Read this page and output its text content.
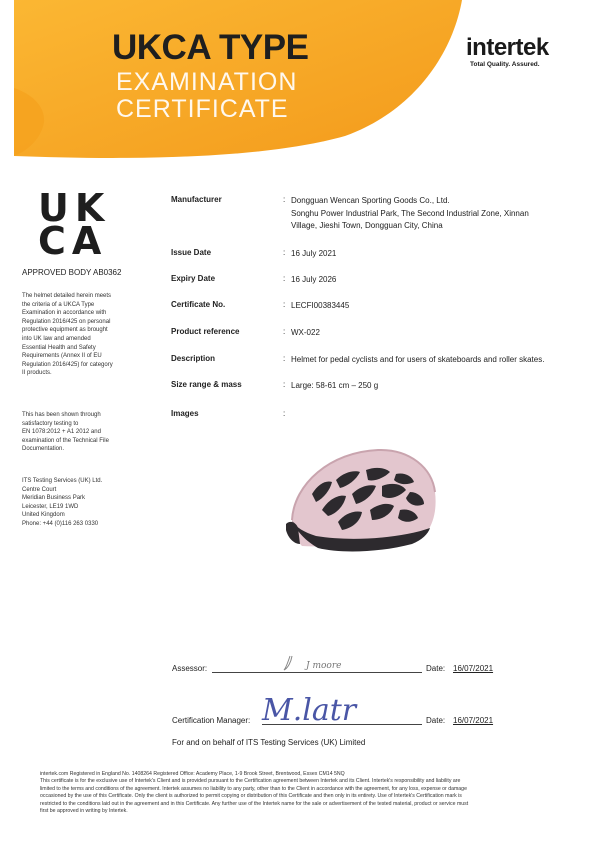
UKCA TYPE
EXAMINATION
CERTIFICATE
intertek
Total Quality. Assured.
UK
CA
APPROVED BODY AB0362
The helmet detailed herein meets
the criteria of a UKCA Type
Examination in accordance with
Regulation 2016/425 on personal
protective equipment as brought
into UK law and amended
Essential Health and Safety
Requirements (Annex II of EU
Regulation 2016/425) for category
II products.
This has been shown through
satisfactory testing to
EN 1078:2012 + A1 2012 and
examination of the Technical File
Documentation.
ITS Testing Services (UK) Ltd.
Centre Court
Meridian Business Park
Leicester, LE19 1WD
United Kingdom
Phone: +44 (0)116 263 0330
Manufacturer	: Dongguan Wencan Sporting Goods Co., Ltd.
Songhu Power Industrial Park, The Second Industrial Zone, Xinnan
Village, Jieshi Town, Dongguan City, China
Issue Date	: 16 July 2021
Expiry Date	: 16 July 2026
Certificate No.	: LECFI00383445
Product reference	: WX-022
Description	: Helmet for pedal cyclists and for users of skateboards and roller skates.
Size range & mass	: Large: 58-61 cm – 250 g
Images	:
Assessor:	J moore	Date: 16/07/2021
Certification Manager: M.latr	Date: 16/07/2021
For and on behalf of ITS Testing Services (UK) Limited
intertek.com Registered in England No. 1408264 Registered Office: Academy Place, 1-9 Brook Street, Brentwood, Essex CM14 5NQ
This certificate is for the exclusive use of Intertek's Client and is provided pursuant to the Certification agreement between Intertek and its Client. Intertek's responsibility and liability are
limited to the terms and conditions of the agreement. Intertek assumes no liability to any party, other than to the Client in accordance with the agreement, for any loss, expense or damage
occasioned by the use of this Certificate. Only the client is authorized to permit copying or distribution of this Certificate and then only in its entirety. Use of Intertek's Certification mark is
restricted to the conditions laid out in the agreement and in this Certificate. Any further use of the Intertek name for the sale or advertisement of the tested material, product or service must
first be approved in writing by Intertek.
